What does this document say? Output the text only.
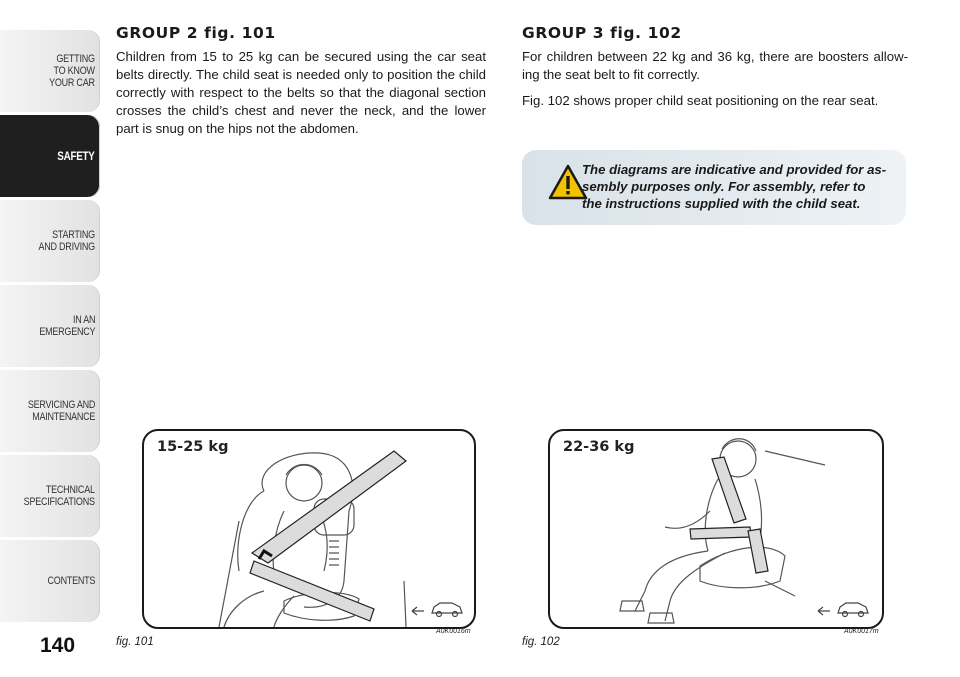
GETTING
TO KNOW
YOUR CAR
SAFETY
STARTING
AND DRIVING
IN AN
EMERGENCY
SERVICING AND
MAINTENANCE
TECHNICAL
SPECIFICATIONS
CONTENTS
140
GROUP 2 fig. 101

Children from 15 to 25 kg can be secured using the car seat belts directly. The child seat is needed only to position the child correctly with respect to the belts so that the diagonal section crosses the child’s chest and never the neck, and the lower part is snug on the hips not the abdomen.

GROUP 3 fig. 102

For children between 22 kg and 36 kg, there are boosters allow-ing the seat belt to fit correctly.

Fig. 102 shows proper child seat positioning on the rear seat.

The diagrams are indicative and provided for as-sembly purposes only. For assembly, refer to the instructions supplied with the child seat.

15-25 kg
fig. 101
A0K0016m
22-36 kg
fig. 102
A0K0017m
